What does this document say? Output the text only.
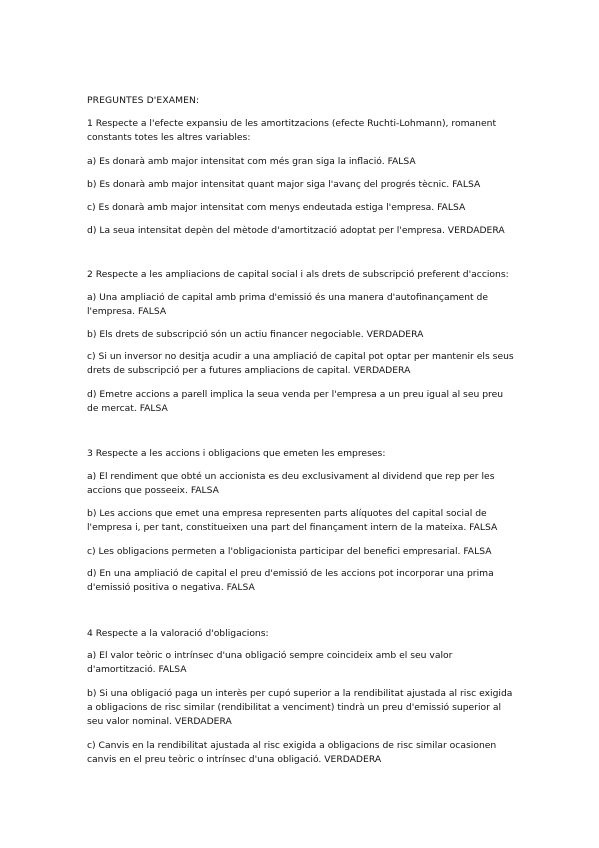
PREGUNTES D'EXAMEN:
1 Respecte a l'efecte expansiu de les amortitzacions (efecte Ruchti-Lohmann), romanent constants totes les altres variables:
a) Es donarà amb major intensitat com més gran siga la inflació. FALSA
b) Es donarà amb major intensitat quant major siga l'avanç del progrés tècnic. FALSA
c) Es donarà amb major intensitat com menys endeutada estiga l'empresa. FALSA
d) La seua intensitat depèn del mètode d'amortització adoptat per l'empresa. VERDADERA
2 Respecte a les ampliacions de capital social i als drets de subscripció preferent d'accions:
a) Una ampliació de capital amb prima d'emissió és una manera d'autofinançament de l'empresa. FALSA
b) Els drets de subscripció són un actiu financer negociable. VERDADERA
c) Si un inversor no desitja acudir a una ampliació de capital pot optar per mantenir els seus drets de subscripció per a futures ampliacions de capital. VERDADERA
d) Emetre accions a parell implica la seua venda per l'empresa a un preu igual al seu preu de mercat. FALSA
3 Respecte a les accions i obligacions que emeten les empreses:
a) El rendiment que obté un accionista es deu exclusivament al dividend que rep per les accions que posseeix. FALSA
b) Les accions que emet una empresa representen parts alíquotes del capital social de l'empresa i, per tant, constitueixen una part del finançament intern de la mateixa. FALSA
c) Les obligacions permeten a l'obligacionista participar del benefici empresarial. FALSA
d) En una ampliació de capital el preu d'emissió de les accions pot incorporar una prima d'emissió positiva o negativa. FALSA
4 Respecte a la valoració d'obligacions:
a) El valor teòric o intrínsec d'una obligació sempre coincideix amb el seu valor d'amortització. FALSA
b) Si una obligació paga un interès per cupó superior a la rendibilitat ajustada al risc exigida a obligacions de risc similar (rendibilitat a venciment) tindrà un preu d'emissió superior al seu valor nominal. VERDADERA
c) Canvis en la rendibilitat ajustada al risc exigida a obligacions de risc similar ocasionen canvis en el preu teòric o intrínsec d'una obligació. VERDADERA
